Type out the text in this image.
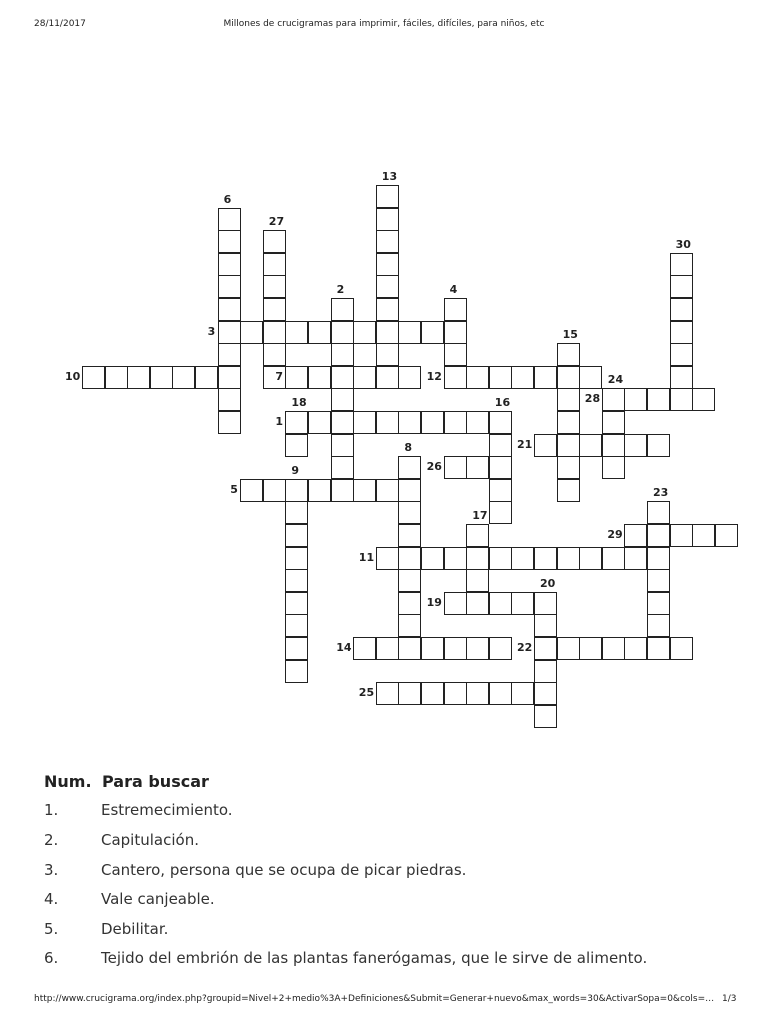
28/11/2017	Millones de crucigramas para imprimir, fáciles, difíciles, para niños, etc
1
2
3
4
5
6
7
8
9
10
11
12
13
14
15
16
17
18
19
20
21
22
23
24
25
26
27
28
29
30
Num. Para buscar
1.	Estremecimiento.
2.	Capitulación.
3.	Cantero, persona que se ocupa de picar piedras.
4.	Vale canjeable.
5.	Debilitar.
6.	Tejido del embrión de las plantas fanerógamas, que le sirve de alimento.
http://www.crucigrama.org/index.php?groupid=Nivel+2+medio%3A+Definiciones&Submit=Generar+nuevo&max_words=30&ActivarSopa=0&cols=… 1/3
